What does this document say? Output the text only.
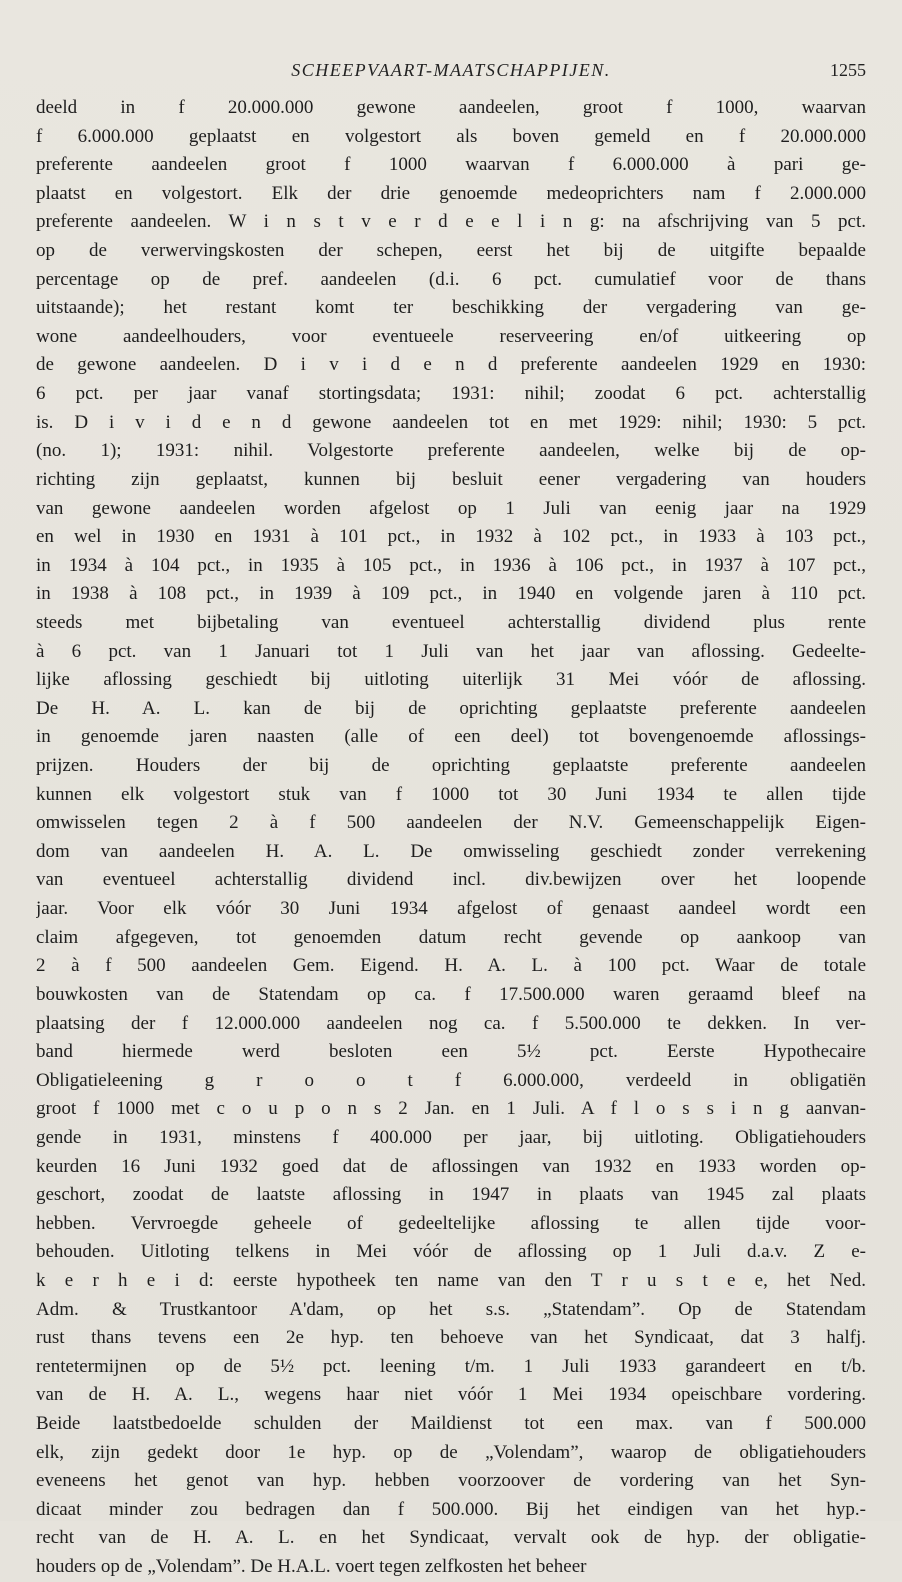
SCHEEPVAART-MAATSCHAPPIJEN.	1255
deeld in f 20.000.000 gewone aandeelen, groot f 1000, waarvan
f 6.000.000 geplaatst en volgestort als boven gemeld en f 20.000.000
preferente aandeelen groot f 1000 waarvan f 6.000.000 à pari ge-
plaatst en volgestort. Elk der drie genoemde medeoprichters nam f 2.000.000
preferente aandeelen. W i n s t v e r d e e l i n g: na afschrijving van 5 pct.
op de verwervingskosten der schepen, eerst het bij de uitgifte bepaalde
percentage op de pref. aandeelen (d.i. 6 pct. cumulatief voor de thans
uitstaande); het restant komt ter beschikking der vergadering van ge-
wone aandeelhouders, voor eventueele reserveering en/of uitkeering op
de gewone aandeelen. D i v i d e n d preferente aandeelen 1929 en 1930:
6 pct. per jaar vanaf stortingsdata; 1931: nihil; zoodat 6 pct. achterstallig
is. D i v i d e n d gewone aandeelen tot en met 1929: nihil; 1930: 5 pct.
(no. 1); 1931: nihil. Volgestorte preferente aandeelen, welke bij de op-
richting zijn geplaatst, kunnen bij besluit eener vergadering van houders
van gewone aandeelen worden afgelost op 1 Juli van eenig jaar na 1929
en wel in 1930 en 1931 à 101 pct., in 1932 à 102 pct., in 1933 à 103 pct.,
in 1934 à 104 pct., in 1935 à 105 pct., in 1936 à 106 pct., in 1937 à 107 pct.,
in 1938 à 108 pct., in 1939 à 109 pct., in 1940 en volgende jaren à 110 pct.
steeds met bijbetaling van eventueel achterstallig dividend plus rente
à 6 pct. van 1 Januari tot 1 Juli van het jaar van aflossing. Gedeelte-
lijke aflossing geschiedt bij uitloting uiterlijk 31 Mei vóór de aflossing.
De H. A. L. kan de bij de oprichting geplaatste preferente aandeelen
in genoemde jaren naasten (alle of een deel) tot bovengenoemde aflossings-
prijzen. Houders der bij de oprichting geplaatste preferente aandeelen
kunnen elk volgestort stuk van f 1000 tot 30 Juni 1934 te allen tijde
omwisselen tegen 2 à f 500 aandeelen der N.V. Gemeenschappelijk Eigen-
dom van aandeelen H. A. L. De omwisseling geschiedt zonder verrekening
van eventueel achterstallig dividend incl. div.bewijzen over het loopende
jaar. Voor elk vóór 30 Juni 1934 afgelost of genaast aandeel wordt een
claim afgegeven, tot genoemden datum recht gevende op aankoop van
2 à f 500 aandeelen Gem. Eigend. H. A. L. à 100 pct. Waar de totale
bouwkosten van de Statendam op ca. f 17.500.000 waren geraamd bleef na
plaatsing der f 12.000.000 aandeelen nog ca. f 5.500.000 te dekken. In ver-
band hiermede werd besloten een 5½ pct. Eerste Hypothecaire
Obligatieleening g r o o t f 6.000.000, verdeeld in obligatiën
groot f 1000 met c o u p o n s 2 Jan. en 1 Juli. A f l o s s i n g aanvan-
gende in 1931, minstens f 400.000 per jaar, bij uitloting. Obligatiehouders
keurden 16 Juni 1932 goed dat de aflossingen van 1932 en 1933 worden op-
geschort, zoodat de laatste aflossing in 1947 in plaats van 1945 zal plaats
hebben. Vervroegde geheele of gedeeltelijke aflossing te allen tijde voor-
behouden. Uitloting telkens in Mei vóór de aflossing op 1 Juli d.a.v. Z e-
k e r h e i d: eerste hypotheek ten name van den T r u s t e e, het Ned.
Adm. & Trustkantoor A'dam, op het s.s. „Statendam”. Op de Statendam
rust thans tevens een 2e hyp. ten behoeve van het Syndicaat, dat 3 halfj.
rentetermijnen op de 5½ pct. leening t/m. 1 Juli 1933 garandeert en t/b.
van de H. A. L., wegens haar niet vóór 1 Mei 1934 opeischbare vordering.
Beide laatstbedoelde schulden der Maildienst tot een max. van f 500.000
elk, zijn gedekt door 1e hyp. op de „Volendam”, waarop de obligatiehouders
eveneens het genot van hyp. hebben voorzoover de vordering van het Syn-
dicaat minder zou bedragen dan f 500.000. Bij het eindigen van het hyp.-
recht van de H. A. L. en het Syndicaat, vervalt ook de hyp. der obligatie-
houders op de „Volendam”. De H.A.L. voert tegen zelfkosten het beheer
